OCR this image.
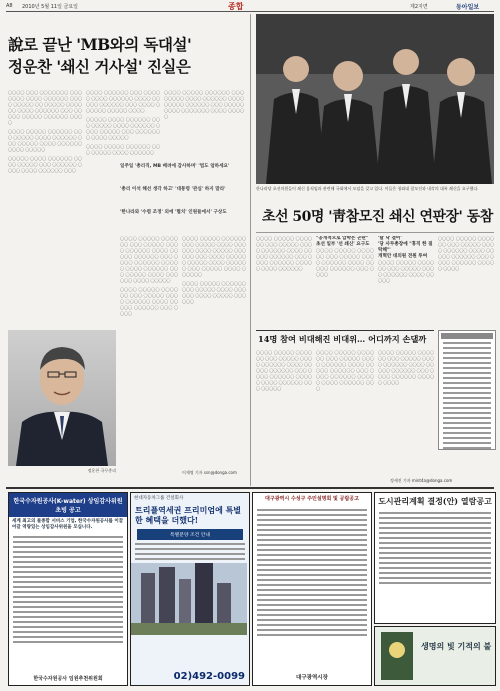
A8 2010년 5월 11일 금요일	종합	제2지면	동아일보
說로 끝난 'MB와의 독대설'
정운찬 '쇄신 거사설' 진실은

〇〇〇〇 〇〇〇 〇〇〇〇〇〇〇 〇〇〇 〇〇〇〇 〇〇〇〇 〇〇〇〇〇〇 〇〇〇〇 〇〇〇〇〇 〇〇 〇〇〇〇〇 〇〇〇〇〇〇 〇〇〇〇 〇〇〇〇〇〇 〇〇〇 〇〇〇〇〇 〇〇〇〇〇 〇〇〇〇〇〇 〇〇〇〇

〇〇〇〇 〇〇〇〇〇 〇〇〇〇〇〇 〇〇〇 〇〇〇〇〇 〇〇〇〇 〇〇〇〇〇〇 〇〇〇 〇〇〇〇〇 〇〇〇〇 〇〇〇〇〇〇 〇〇〇〇 〇〇〇〇〇

〇〇〇〇〇 〇〇〇〇 〇〇〇〇〇〇 〇〇〇〇 〇〇〇〇〇 〇〇〇 〇〇〇〇〇〇 〇〇〇〇 〇〇〇〇 〇〇〇〇〇〇 〇〇〇

〇〇〇〇 〇〇〇〇〇〇 〇〇〇 〇〇〇〇〇 〇〇〇〇 〇〇〇〇〇〇 〇〇〇〇 〇〇〇〇〇 〇〇〇〇〇〇 〇〇〇 〇〇〇〇 〇〇〇〇〇〇 〇〇〇〇〇 〇〇〇〇

〇〇〇〇〇 〇〇〇〇 〇〇〇〇〇〇 〇〇〇 〇〇〇〇〇 〇〇〇〇 〇〇〇〇〇〇 〇〇〇〇 〇〇〇〇〇 〇〇〇 〇〇〇〇〇〇〇 〇〇〇〇 〇〇〇〇〇

〇〇〇〇 〇〇〇〇〇 〇〇〇〇〇〇 〇〇〇 〇〇〇〇〇 〇〇〇〇 〇〇〇〇〇〇

〇〇〇〇 〇〇〇〇〇 〇〇〇〇〇〇 〇〇〇 〇〇〇〇〇 〇〇〇〇 〇〇〇〇〇〇 〇〇〇〇 〇〇〇〇〇 〇〇〇〇〇〇 〇〇〇 〇〇〇〇〇 〇〇〇〇 〇〇〇〇〇〇〇 〇〇〇〇 〇〇〇〇〇

일주일 '총리직, MB 배려에 감사하며' '법도 엄하세요'
'총리 이석 해선 생각 하고' '대통령 '관심' 하지 말라'
'한나라와 '수렴 조정' 외에 '협치' 인원들에서' 구상도
정운찬 국무총리

〇〇〇〇 〇〇〇〇〇 〇〇〇〇〇〇 〇〇〇 〇〇〇〇〇 〇〇〇〇 〇〇〇〇〇〇 〇〇〇〇 〇〇〇〇〇 〇〇〇〇〇〇 〇〇〇 〇〇〇〇 〇〇〇〇〇〇 〇〇〇〇〇 〇〇〇〇 〇〇〇〇〇〇 〇〇〇 〇〇〇〇〇 〇〇〇〇 〇〇〇〇〇〇 〇〇〇〇 〇〇〇〇〇

〇〇〇〇 〇〇〇〇〇 〇〇〇〇〇〇 〇〇〇 〇〇〇〇〇 〇〇〇〇 〇〇〇〇〇〇 〇〇〇〇 〇〇〇〇〇 〇〇〇〇〇〇 〇〇〇 〇〇〇〇

〇〇〇〇 〇〇〇〇〇 〇〇〇〇〇〇 〇〇〇 〇〇〇〇〇 〇〇〇〇 〇〇〇〇〇〇 〇〇〇〇 〇〇〇〇〇 〇〇〇〇〇〇 〇〇〇 〇〇〇〇 〇〇〇〇〇〇 〇〇〇〇〇 〇〇〇〇 〇〇〇〇〇〇 〇〇〇 〇〇〇〇〇 〇〇〇〇 〇〇〇〇〇〇

〇〇〇〇 〇〇〇〇〇 〇〇〇〇〇〇 〇〇〇 〇〇〇〇〇 〇〇〇〇 〇〇〇〇〇〇 〇〇〇〇 〇〇〇〇〇 〇〇〇〇〇〇

이재명 기자 ssn@donga.com
한나라당 초선의원들이 쇄신 움직임과 관련해 국회에서 모임을 갖고 있다. 이들은 청와대 참모진과 내각의 대폭 쇄신을 요구했다.
초선 50명 '靑참모진 쇄신 연판장' 동참

〇〇〇〇 〇〇〇〇〇 〇〇〇〇〇〇 〇〇〇 〇〇〇〇〇 〇〇〇〇 〇〇〇〇〇〇 〇〇〇〇 〇〇〇〇〇 〇〇〇〇〇〇 〇〇〇 〇〇〇〇 〇〇〇〇〇〇 〇〇〇〇〇 〇〇〇〇 〇〇〇〇〇〇

"공개적으로 압박은 곤란"
초선 일부 '선 쇄신' 요구도

〇〇〇〇 〇〇〇〇〇 〇〇〇〇〇〇 〇〇〇 〇〇〇〇〇 〇〇〇〇 〇〇〇〇〇〇 〇〇〇〇 〇〇〇〇〇 〇〇〇〇〇〇 〇〇〇 〇〇〇〇

'탈 낙 결어'
'당 사무총장에 "휴직 한 질탁해"'
개혁안 대의원 전원 투여

〇〇〇〇 〇〇〇〇〇 〇〇〇〇〇〇 〇〇〇 〇〇〇〇〇 〇〇〇〇 〇〇〇〇〇〇 〇〇〇〇 〇〇〇〇〇

〇〇〇〇 〇〇〇〇〇 〇〇〇〇〇〇 〇〇〇 〇〇〇〇〇 〇〇〇〇 〇〇〇〇〇〇 〇〇〇〇 〇〇〇〇〇 〇〇〇〇〇〇 〇〇〇 〇〇〇〇 〇〇〇〇〇〇 〇〇〇〇〇 〇〇〇〇

14명 참여 비대해진 비대위… 어디까지 손댈까

〇〇〇〇 〇〇〇〇〇 〇〇〇〇〇〇 〇〇〇 〇〇〇〇〇 〇〇〇〇 〇〇〇〇〇〇 〇〇〇〇 〇〇〇〇〇 〇〇〇〇〇〇 〇〇〇 〇〇〇〇 〇〇〇〇〇〇 〇〇〇〇〇 〇〇〇〇 〇〇〇〇〇〇 〇〇〇 〇〇〇〇〇

〇〇〇〇 〇〇〇〇〇 〇〇〇〇〇〇 〇〇〇 〇〇〇〇〇 〇〇〇〇 〇〇〇〇〇〇 〇〇〇〇 〇〇〇〇〇 〇〇〇〇〇〇 〇〇〇 〇〇〇〇 〇〇〇〇〇〇 〇〇〇〇〇 〇〇〇〇 〇〇〇〇〇〇 〇〇〇

〇〇〇〇 〇〇〇〇〇 〇〇〇〇〇〇 〇〇〇 〇〇〇〇〇 〇〇〇〇 〇〇〇〇〇〇 〇〇〇〇 〇〇〇〇〇 〇〇〇〇〇〇 〇〇〇 〇〇〇〇 〇〇〇〇〇〇 〇〇〇〇〇 〇〇〇〇

정세진 기자 mint4a@donga.com
한국수자원공사(K-water) 상임감사위원 초빙 공고
세계 최고의 물종합 서비스 기업, 한국수자원공사를 이끌어갈 역량있는 상임감사위원을 모십니다.
한국수자원공사 임원추천위원회
현대자동차그룹 건설회사
트리플역세권 프리미엄에 특별한 혜택을 더했다!
특별분양 조건 안내
02)492-0099
대구광역시 수성구 주민설명회 및 공람공고
대구광역시장
도시관리계획 결정(안) 열람공고
생명의 빛 기적의 불
